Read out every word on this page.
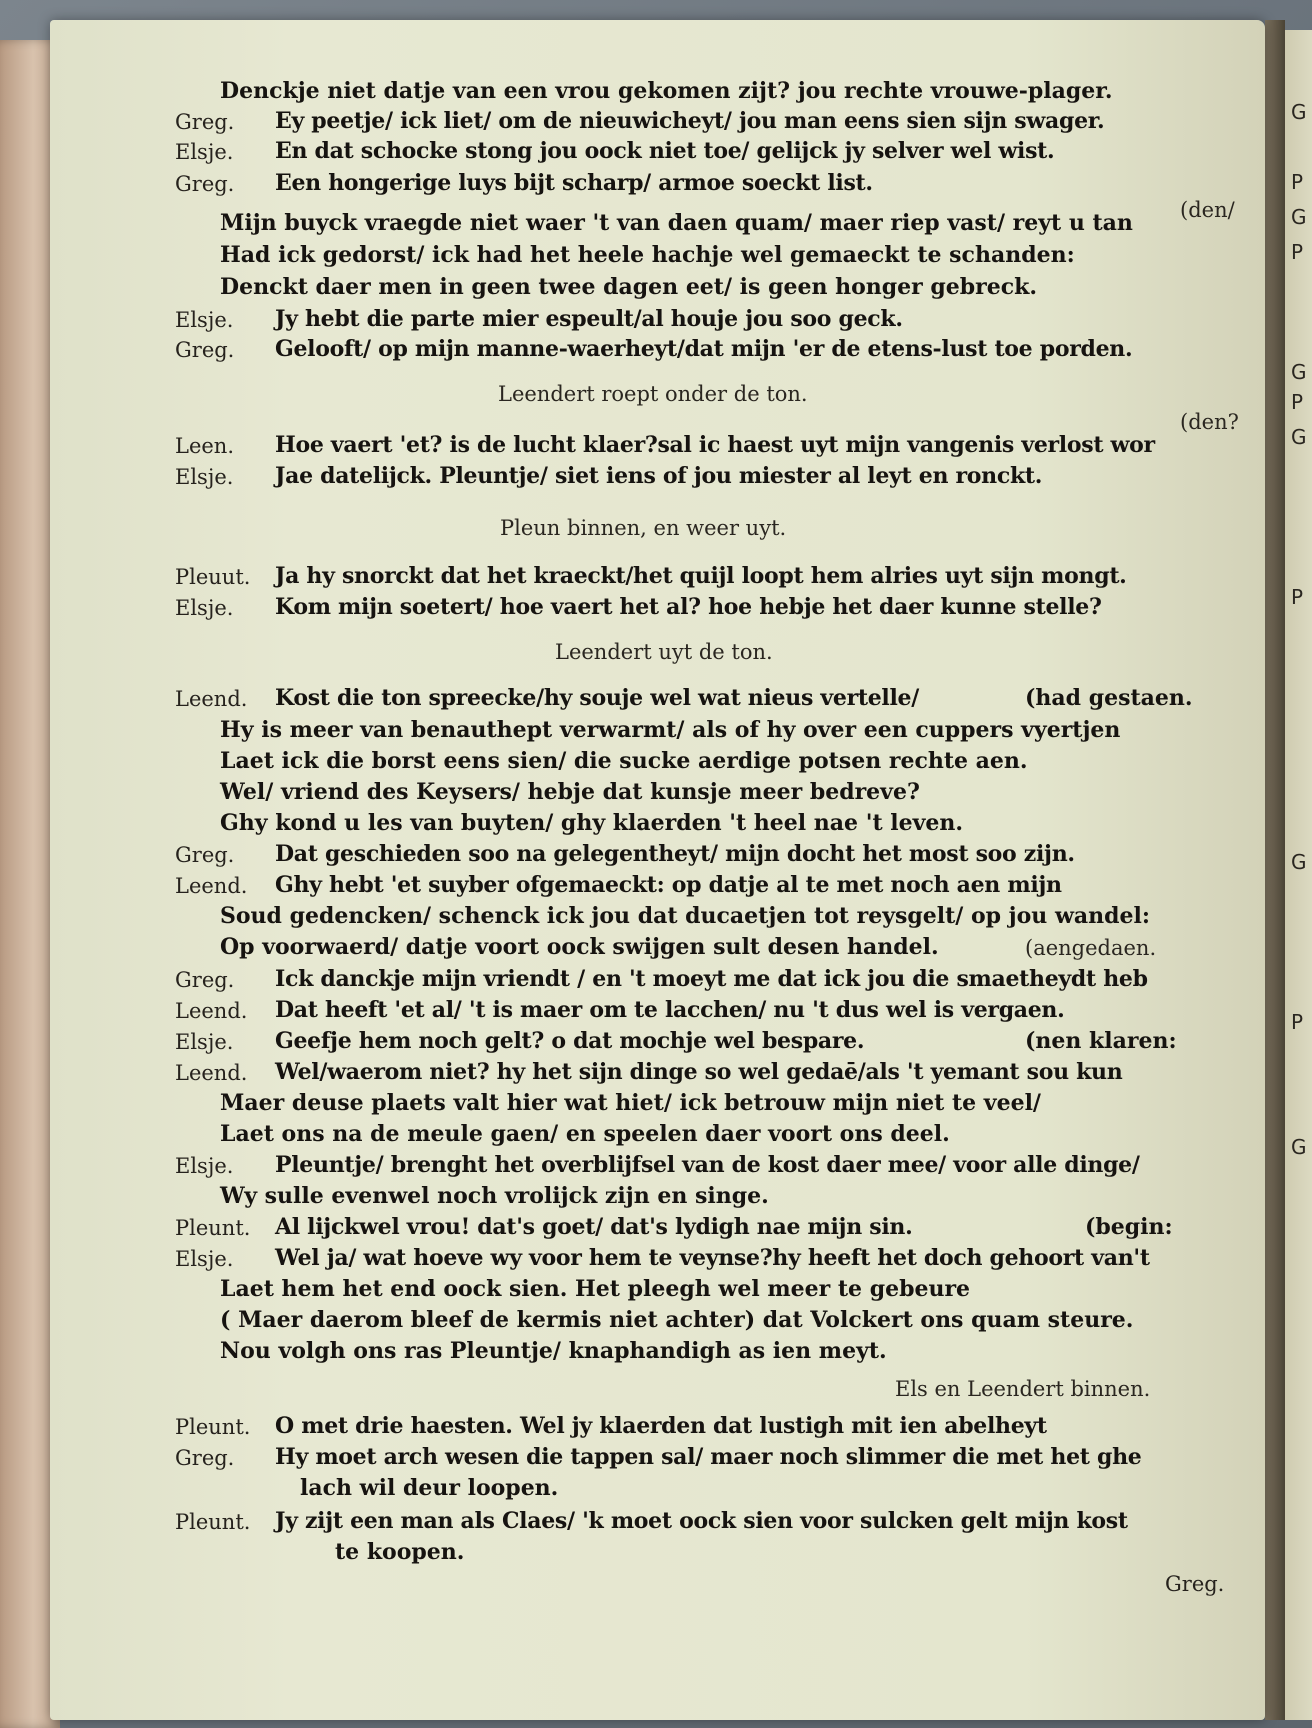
G
P
G
P
G
P
G
P
G
P
G
Denckje niet datje van een vrou gekomen zijt? jou rechte vrouwe-plager.
Greg. Ey peetje/ ick liet/ om de nieuwicheyt/ jou man eens sien sijn swager.
Elsje. En dat schocke stong jou oock niet toe/ gelijck jy selver wel wist.
Greg. Een hongerige luys bijt scharp/ armoe soeckt list.
(den/
Mijn buyck vraegde niet waer 't van daen quam/ maer riep vast/ reyt u tan
Had ick gedorst/ ick had het heele hachje wel gemaeckt te schanden:
Denckt daer men in geen twee dagen eet/ is geen honger gebreck.
Elsje. Jy hebt die parte mier espeult/al houje jou soo geck.
Greg. Gelooft/ op mijn manne-waerheyt/dat mijn 'er de etens-lust toe porden.
Leendert roept onder de ton.
(den?
Leen. Hoe vaert 'et? is de lucht klaer?sal ic haest uyt mijn vangenis verlost wor
Elsje. Jae datelijck. Pleuntje/ siet iens of jou miester al leyt en ronckt.
Pleun binnen, en weer uyt.
Pleuut. Ja hy snorckt dat het kraeckt/het quijl loopt hem alries uyt sijn mongt.
Elsje. Kom mijn soetert/ hoe vaert het al? hoe hebje het daer kunne stelle?
Leendert uyt de ton.
Leend. Kost die ton spreecke/hy souje wel wat nieus vertelle/	(had gestaen.
Hy is meer van benauthept verwarmt/ als of hy over een cuppers vyertjen
Laet ick die borst eens sien/ die sucke aerdige potsen rechte aen.
Wel/ vriend des Keysers/ hebje dat kunsje meer bedreve?
Ghy kond u les van buyten/ ghy klaerden 't heel nae 't leven.
Greg. Dat geschieden soo na gelegentheyt/ mijn docht het most soo zijn.
Leend. Ghy hebt 'et suyber ofgemaeckt: op datje al te met noch aen mijn
Soud gedencken/ schenck ick jou dat ducaetjen tot reysgelt/ op jou wandel:
Op voorwaerd/ datje voort oock swijgen sult desen handel.	(aengedaen.
Greg. Ick danckje mijn vriendt / en 't moeyt me dat ick jou die smaetheydt heb
Leend. Dat heeft 'et al/ 't is maer om te lacchen/ nu 't dus wel is vergaen.
Elsje. Geefje hem noch gelt? o dat mochje wel bespare.	(nen klaren:
Leend. Wel/waerom niet? hy het sijn dinge so wel gedaē/als 't yemant sou kun
Maer deuse plaets valt hier wat hiet/ ick betrouw mijn niet te veel/
Laet ons na de meule gaen/ en speelen daer voort ons deel.
Elsje. Pleuntje/ brenght het overblijfsel van de kost daer mee/ voor alle dinge/
Wy sulle evenwel noch vrolijck zijn en singe.
Pleunt. Al lijckwel vrou! dat's goet/ dat's lydigh nae mijn sin.	(begin:
Elsje. Wel ja/ wat hoeve wy voor hem te veynse?hy heeft het doch gehoort van't
Laet hem het end oock sien. Het pleegh wel meer te gebeure
( Maer daerom bleef de kermis niet achter) dat Volckert ons quam steure.
Nou volgh ons ras Pleuntje/ knaphandigh as ien meyt.
Els en Leendert binnen.
Pleunt. O met drie haesten. Wel jy klaerden dat lustigh mit ien abelheyt
Greg. Hy moet arch wesen die tappen sal/ maer noch slimmer die met het ghe
lach wil deur loopen.
Pleunt. Jy zijt een man als Claes/ 'k moet oock sien voor sulcken gelt mijn kost
te koopen.
Greg.
